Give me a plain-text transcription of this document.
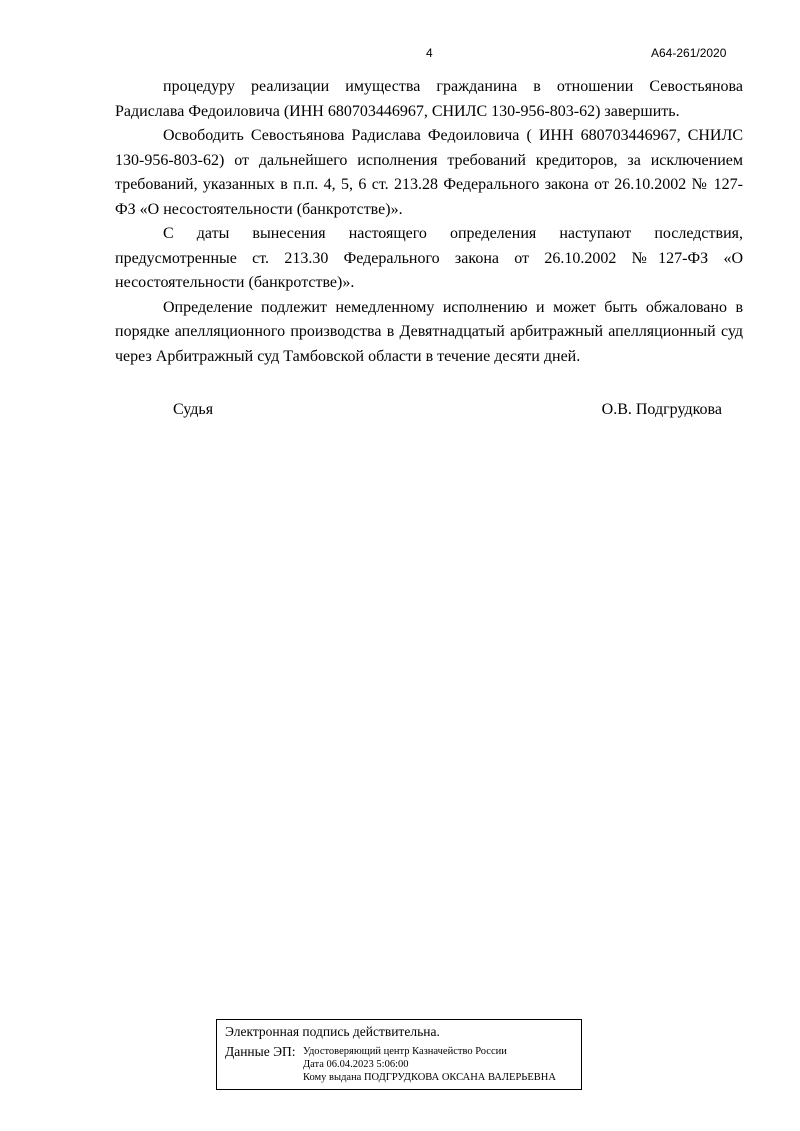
4	А64-261/2020

процедуру реализации имущества гражданина в отношении Севостьянова Радислава Федоиловича (ИНН 680703446967, СНИЛС 130-956-803-62) завершить.

Освободить Севостьянова Радислава Федоиловича ( ИНН 680703446967, СНИЛС 130-956-803-62) от дальнейшего исполнения требований кредиторов, за исключением требований, указанных в п.п. 4, 5, 6 ст. 213.28 Федерального закона от 26.10.2002 № 127-ФЗ «О несостоятельности (банкротстве)».

С даты вынесения настоящего определения наступают последствия, предусмотренные ст. 213.30 Федерального закона от 26.10.2002 №127-ФЗ «О несостоятельности (банкротстве)».

Определение подлежит немедленному исполнению и может быть обжаловано в порядке апелляционного производства в Девятнадцатый арбитражный апелляционный суд через Арбитражный суд Тамбовской области в течение десяти дней.

Судья	О.В. Подгрудкова
Электронная подпись действительна.
Данные ЭП: Удостоверяющий центр Казначейство России
Дата 06.04.2023 5:06:00
Кому выдана ПОДГРУДКОВА ОКСАНА ВАЛЕРЬЕВНА
